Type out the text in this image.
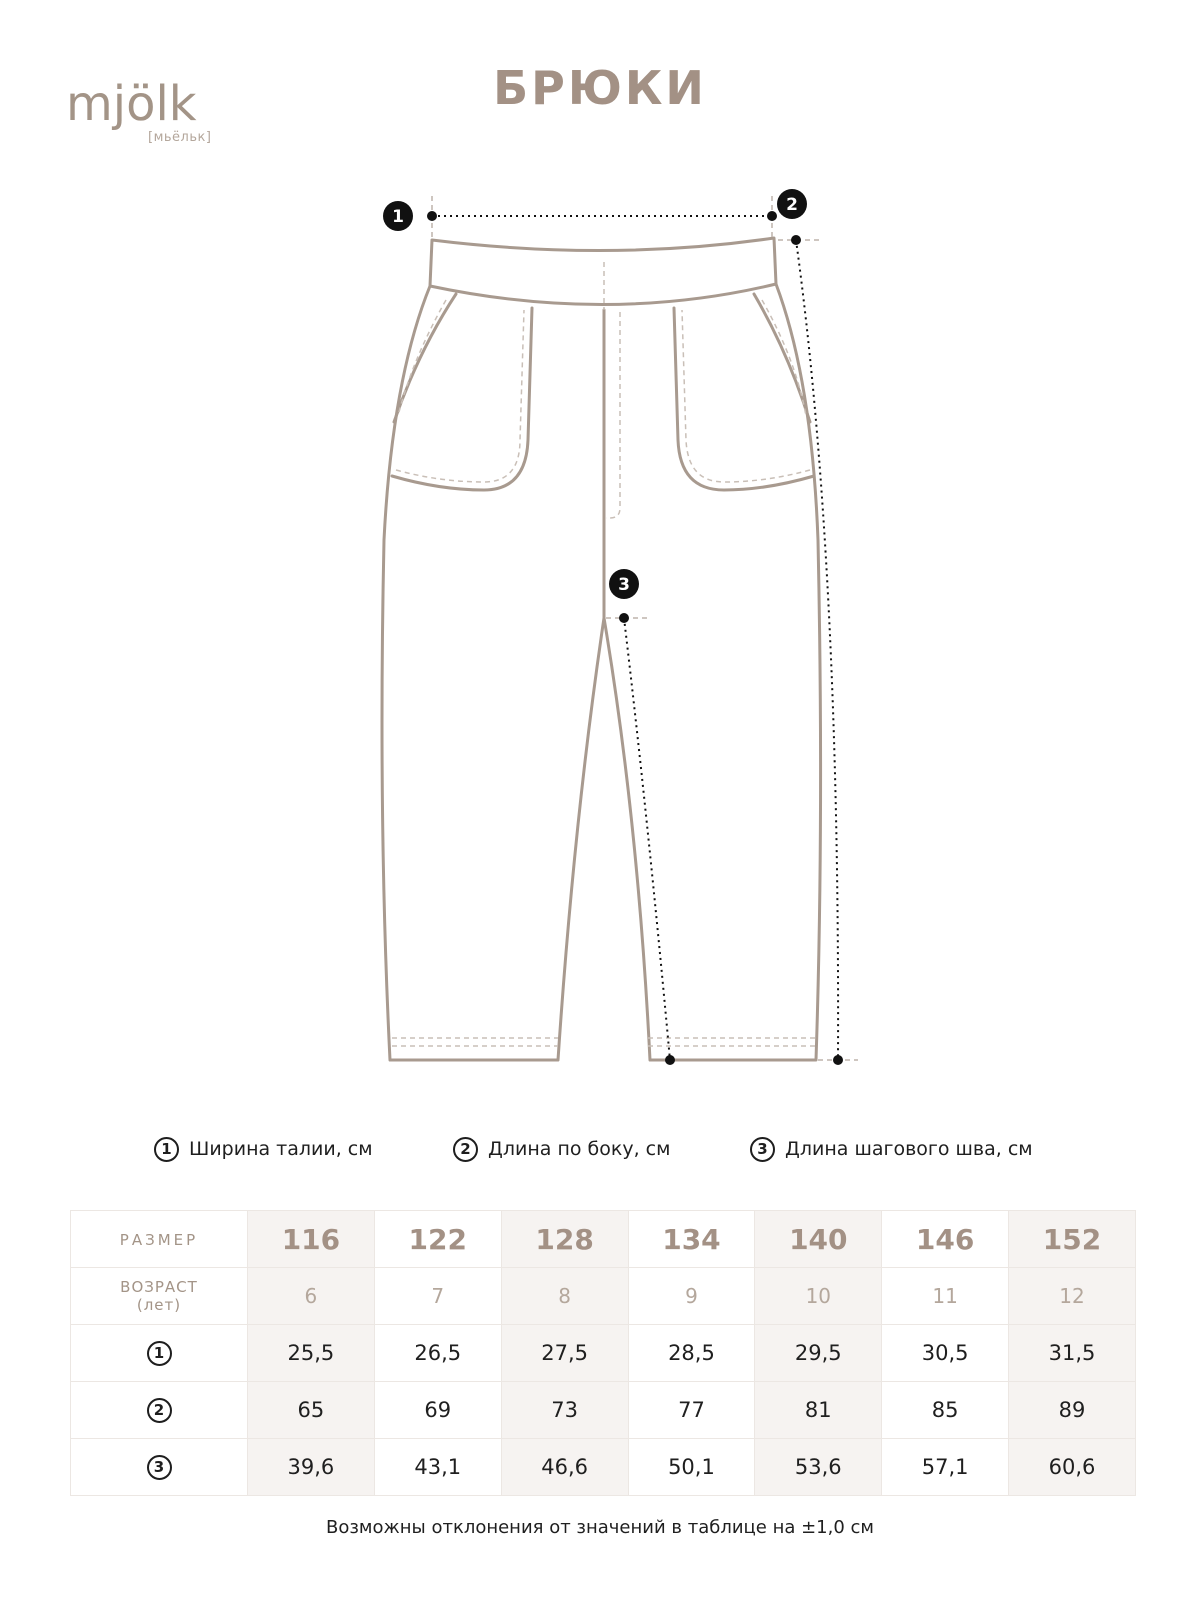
mjölk
[мьёльк]
БРЮКИ
1
2
3
1 Ширина талии, см	2 Длина по боку, см	3 Длина шагового шва, см
РАЗМЕР	116	122	128	134	140	146	152

ВОЗРАСТ
(лет)	6	7	8	9	10	11	12
1	25,5	26,5	27,5	28,5	29,5	30,5	31,5
2	65	69	73	77	81	85	89
3	39,6	43,1	46,6	50,1	53,6	57,1	60,6
Возможны отклонения от значений в таблице на ±1,0 см
